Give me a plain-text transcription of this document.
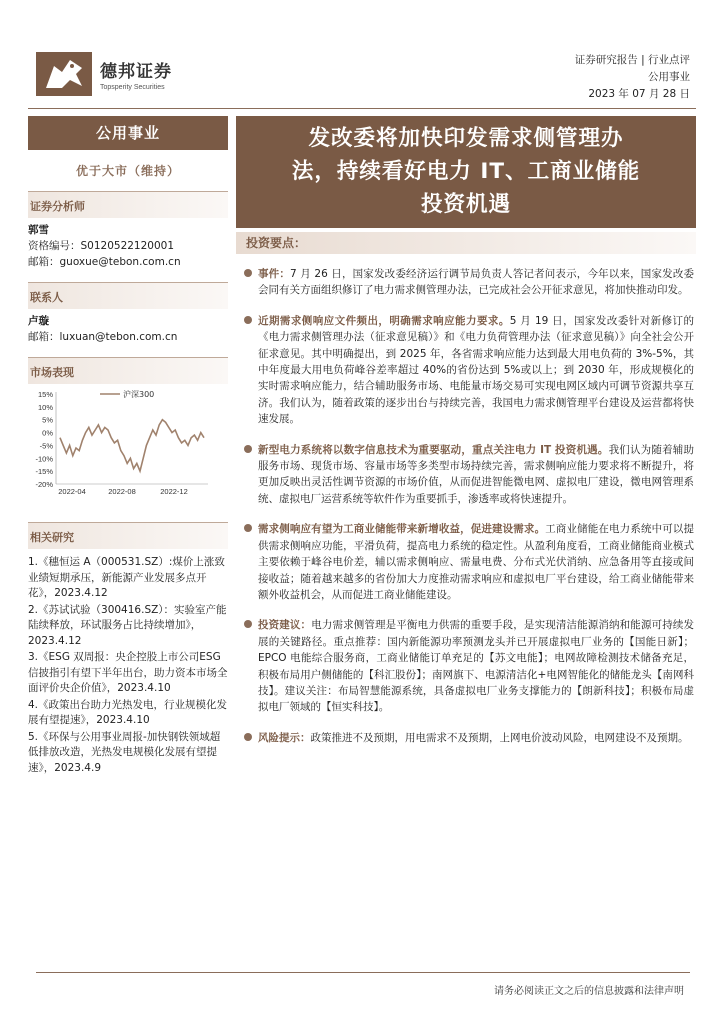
德邦证券
Topsperity Securities
证券研究报告 | 行业点评
公用事业
2023 年 07 月 28 日
公用事业
优于大市（维持）
证券分析师
郭雪
资格编号：S0120522120001
邮箱：guoxue@tebon.com.cn
联系人
卢璇
邮箱：luxuan@tebon.com.cn
市场表现
15%
10%
5%
0%
-5%
-10%
-15%
-20%
2022-04	2022-08	2022-12
沪深300
相关研究
1.《穗恒运 A（000531.SZ）:煤价上涨致业绩短期承压，新能源产业发展多点开花》，2023.4.12
2.《苏试试验（300416.SZ）：实验室产能陆续释放，环试服务占比持续增加》，2023.4.12
3.《ESG 双周报：央企控股上市公司ESG 信披指引有望下半年出台，助力资本市场全面评价央企价值》，2023.4.10
4.《政策出台助力光热发电，行业规模化发展有望提速》，2023.4.10
5.《环保与公用事业周报-加快钢铁领域超低排放改造，光热发电规模化发展有望提速》，2023.4.9
发改委将加快印发需求侧管理办
法，持续看好电力 IT、工商业储能
投资机遇
投资要点：
事件：7 月 26 日，国家发改委经济运行调节局负责人答记者问表示，今年以来，国家发改委会同有关方面组织修订了电力需求侧管理办法，已完成社会公开征求意见，将加快推动印发。
近期需求侧响应文件频出，明确需求响应能力要求。5 月 19 日，国家发改委针对新修订的《电力需求侧管理办法（征求意见稿）》和《电力负荷管理办法（征求意见稿）》向全社会公开征求意见。其中明确提出，到 2025 年，各省需求响应能力达到最大用电负荷的 3%-5%，其中年度最大用电负荷峰谷差率超过 40%的省份达到 5%或以上；到 2030 年，形成规模化的实时需求响应能力，结合辅助服务市场、电能量市场交易可实现电网区域内可调节资源共享互济。我们认为，随着政策的逐步出台与持续完善，我国电力需求侧管理平台建设及运营都将快速发展。
新型电力系统将以数字信息技术为重要驱动，重点关注电力 IT 投资机遇。我们认为随着辅助服务市场、现货市场、容量市场等多类型市场持续完善，需求侧响应能力要求将不断提升，将更加反映出灵活性调节资源的市场价值，从而促进智能微电网、虚拟电厂建设，微电网管理系统、虚拟电厂运营系统等软件作为重要抓手，渗透率或将快速提升。
需求侧响应有望为工商业储能带来新增收益，促进建设需求。工商业储能在电力系统中可以提供需求侧响应功能，平滑负荷，提高电力系统的稳定性。从盈利角度看，工商业储能商业模式主要依赖于峰谷电价差，辅以需求侧响应、需量电费、分布式光伏消纳、应急备用等直接或间接收益；随着越来越多的省份加大力度推动需求响应和虚拟电厂平台建设，给工商业储能带来额外收益机会，从而促进工商业储能建设。
投资建议：电力需求侧管理是平衡电力供需的重要手段，是实现清洁能源消纳和能源可持续发展的关键路径。重点推荐：国内新能源功率预测龙头并已开展虚拟电厂业务的【国能日新】；EPCO 电能综合服务商，工商业储能订单充足的【苏文电能】；电网故障检测技术储备充足，积极布局用户侧储能的【科汇股份】；南网旗下、电源清洁化+电网智能化的储能龙头【南网科技】。建议关注：布局智慧能源系统，具备虚拟电厂业务支撑能力的【朗新科技】；积极布局虚拟电厂领域的【恒实科技】。
风险提示：政策推进不及预期，用电需求不及预期，上网电价波动风险，电网建设不及预期。
请务必阅读正文之后的信息披露和法律声明
